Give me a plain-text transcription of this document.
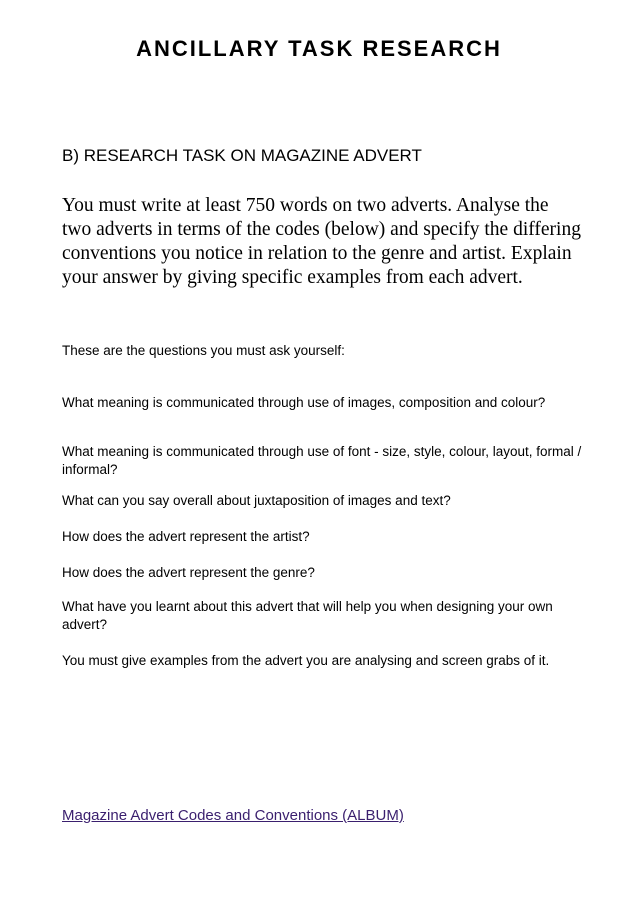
ANCILLARY TASK RESEARCH

B) RESEARCH TASK ON MAGAZINE ADVERT

You must write at least 750 words on two adverts. Analyse the two adverts in terms of the codes (below) and specify the differing conventions you notice in relation to the genre and artist. Explain your answer by giving specific examples from each advert.

These are the questions you must ask yourself:

What meaning is communicated through use of images, composition and colour?

What meaning is communicated through use of font - size, style, colour, layout, formal / informal?

What can you say overall about juxtaposition of images and text?

How does the advert represent the artist?

How does the advert represent the genre?

What have you learnt about this advert that will help you when designing your own advert?

You must give examples from the advert you are analysing and screen grabs of it.

Magazine Advert Codes and Conventions (ALBUM)
